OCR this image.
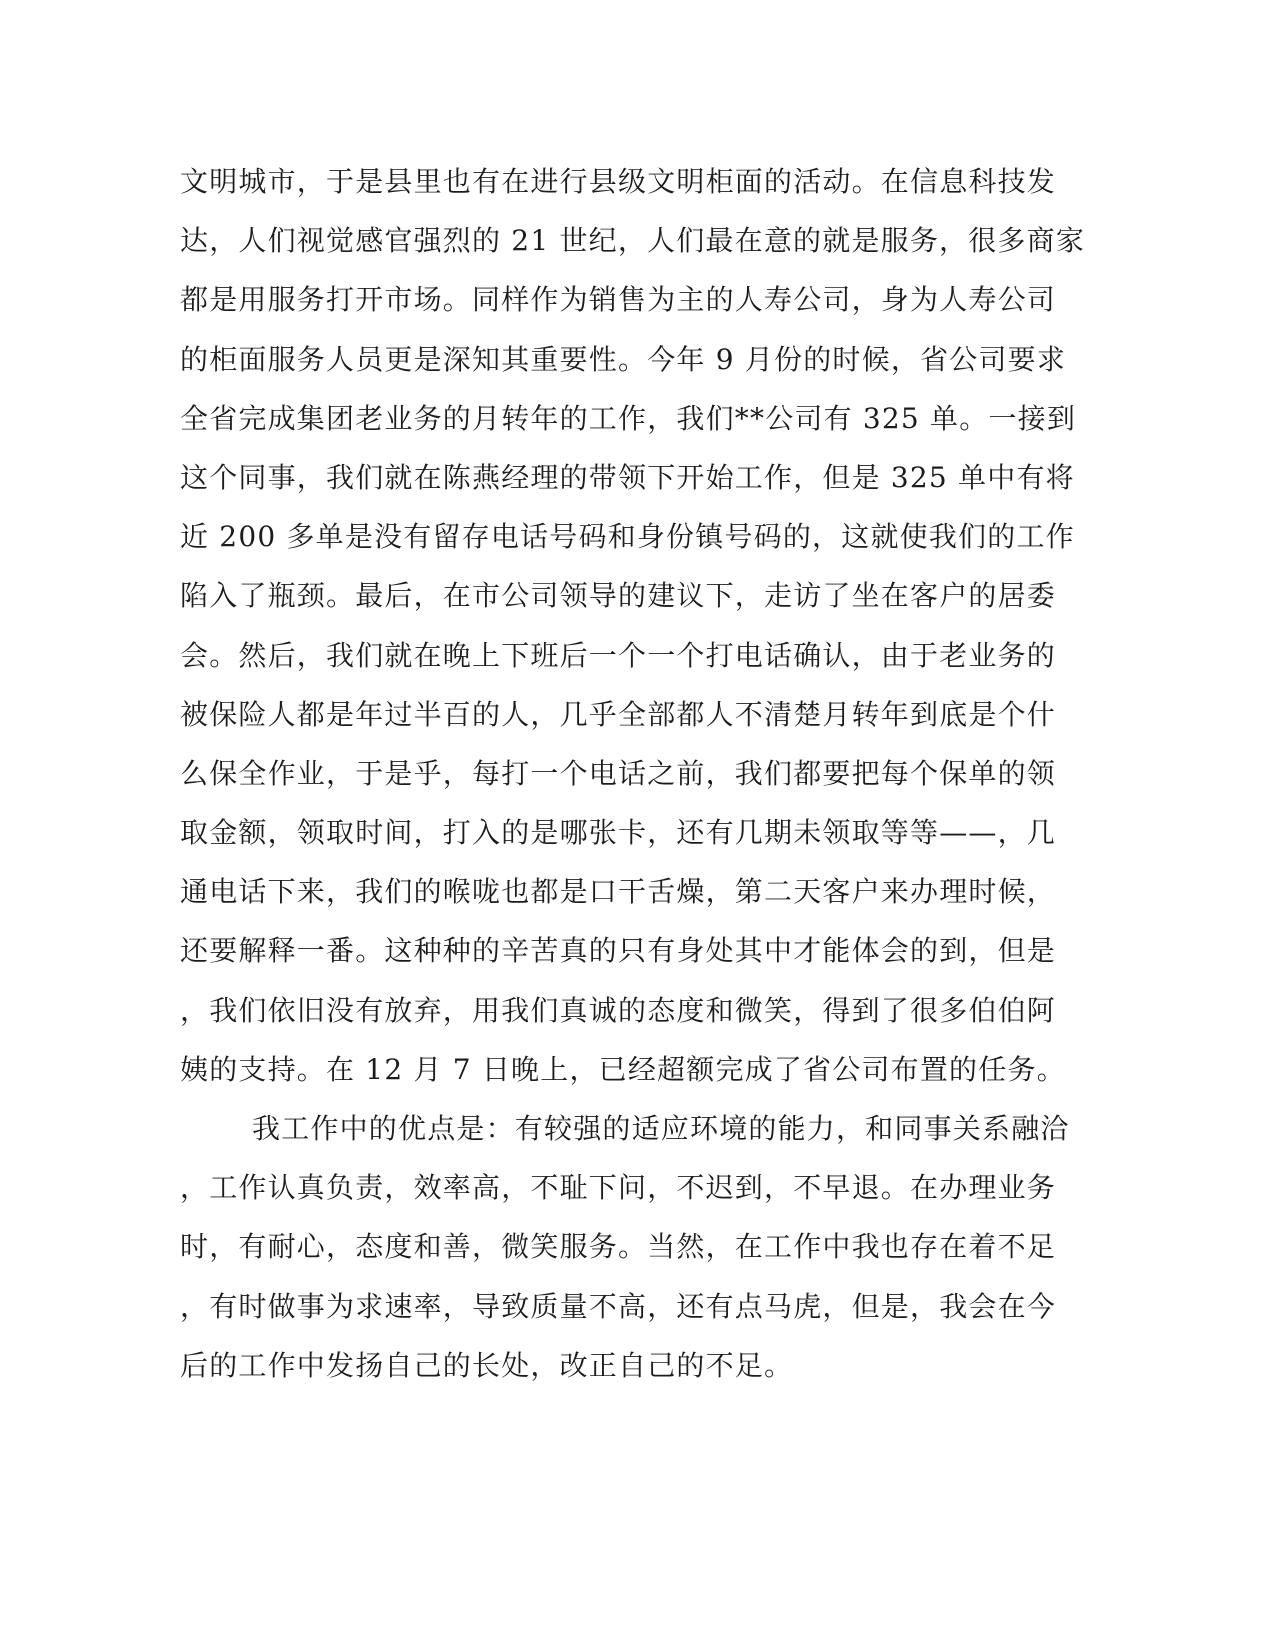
文明城市，于是县里也有在进行县级文明柜面的活动。在信息科技发
达，人们视觉感官强烈的 21 世纪，人们最在意的就是服务，很多商家
都是用服务打开市场。同样作为销售为主的人寿公司，身为人寿公司
的柜面服务人员更是深知其重要性。今年 9 月份的时候，省公司要求
全省完成集团老业务的月转年的工作，我们**公司有 325 单。一接到
这个同事，我们就在陈燕经理的带领下开始工作，但是 325 单中有将
近 200 多单是没有留存电话号码和身份镇号码的，这就使我们的工作
陷入了瓶颈。最后，在市公司领导的建议下，走访了坐在客户的居委
会。然后，我们就在晚上下班后一个一个打电话确认，由于老业务的
被保险人都是年过半百的人，几乎全部都人不清楚月转年到底是个什
么保全作业，于是乎，每打一个电话之前，我们都要把每个保单的领
取金额，领取时间，打入的是哪张卡，还有几期未领取等等——，几
通电话下来，我们的喉咙也都是口干舌燥，第二天客户来办理时候，
还要解释一番。这种种的辛苦真的只有身处其中才能体会的到，但是
，我们依旧没有放弃，用我们真诚的态度和微笑，得到了很多伯伯阿
姨的支持。在 12 月 7 日晚上，已经超额完成了省公司布置的任务。
我工作中的优点是：有较强的适应环境的能力，和同事关系融洽
，工作认真负责，效率高，不耻下问，不迟到，不早退。在办理业务
时，有耐心，态度和善，微笑服务。当然，在工作中我也存在着不足
，有时做事为求速率，导致质量不高，还有点马虎，但是，我会在今
后的工作中发扬自己的长处，改正自己的不足。
